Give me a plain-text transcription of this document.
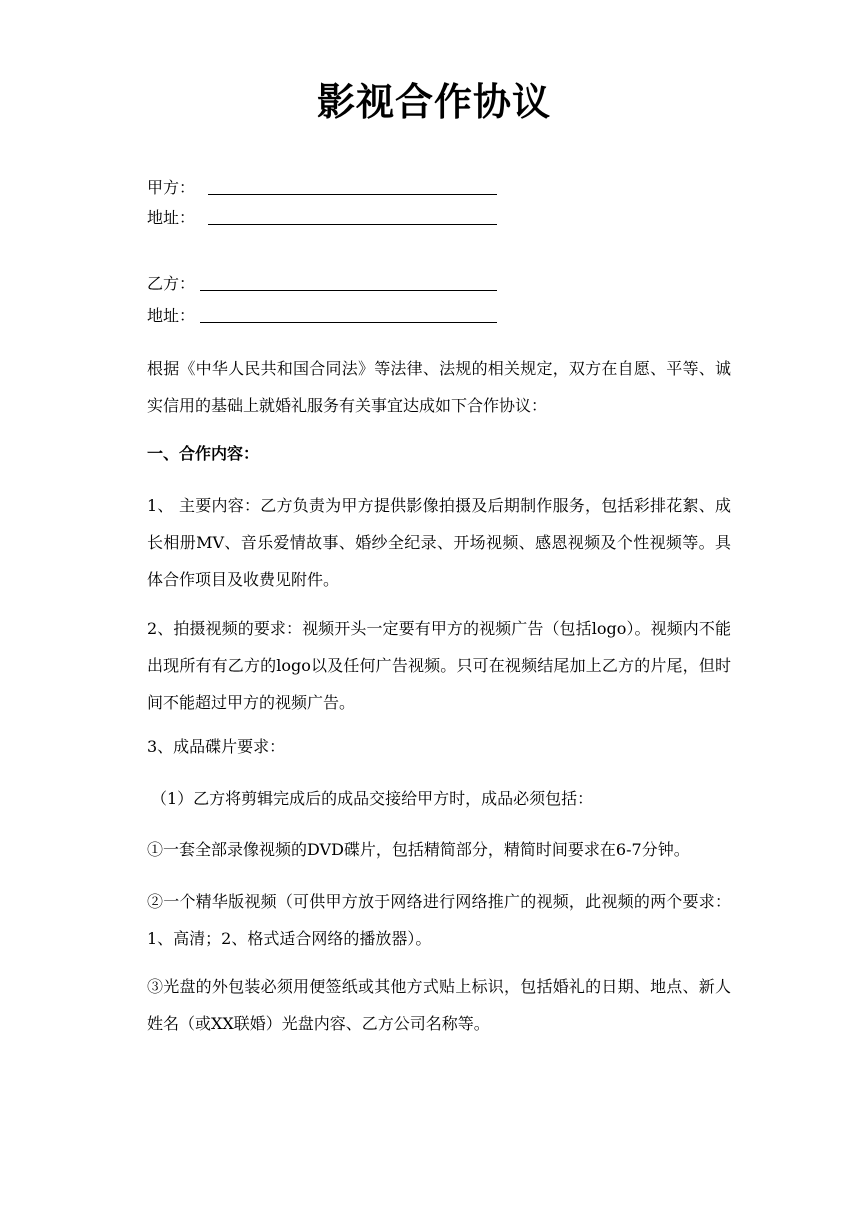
影视合作协议
甲方：
地址：
乙方：
地址：

根据《中华人民共和国合同法》等法律、法规的相关规定，双方在自愿、平等、诚实信用的基础上就婚礼服务有关事宜达成如下合作协议：

一、合作内容：

1、 主要内容：乙方负责为甲方提供影像拍摄及后期制作服务，包括彩排花絮、成长相册MV、音乐爱情故事、婚纱全纪录、开场视频、感恩视频及个性视频等。具体合作项目及收费见附件。

2、拍摄视频的要求：视频开头一定要有甲方的视频广告（包括logo）。视频内不能出现所有有乙方的logo以及任何广告视频。只可在视频结尾加上乙方的片尾，但时间不能超过甲方的视频广告。

3、成品碟片要求：

（1）乙方将剪辑完成后的成品交接给甲方时，成品必须包括：

①一套全部录像视频的DVD碟片，包括精简部分，精简时间要求在6-7分钟。

②一个精华版视频（可供甲方放于网络进行网络推广的视频，此视频的两个要求：1、高清；2、格式适合网络的播放器）。

③光盘的外包装必须用便签纸或其他方式贴上标识，包括婚礼的日期、地点、新人姓名（或XX联婚）光盘内容、乙方公司名称等。
